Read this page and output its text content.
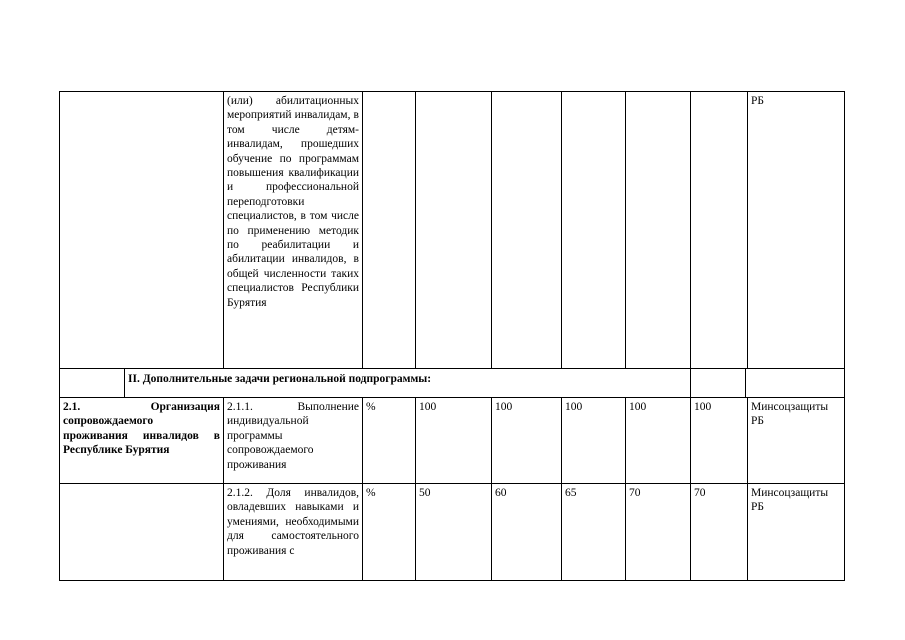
		(или) абилитационных мероприятий инвалидам, в том числе детям-инвалидам, прошедших обучение по программам повышения квалификации и профессиональной переподготовки специалистов, в том числе по применению методик по реабилитации и абилитации инвалидов, в общей численности таких специалистов Республики Бурятия								РБ

	II. Дополнительные задачи региональной подпрограммы:									

2.1. Организация сопровождаемого проживания инвалидов в Республике Бурятия		2.1.1. Выполнение индивидуальной программы сопровождаемого проживания	%	100	100	100	100	100		Минсоцзащиты РБ

		2.1.2. Доля инвалидов, овладевших навыками и умениями, необходимыми для самостоятельного проживания с	%	50	60	65	70	70		Минсоцзащиты РБ
